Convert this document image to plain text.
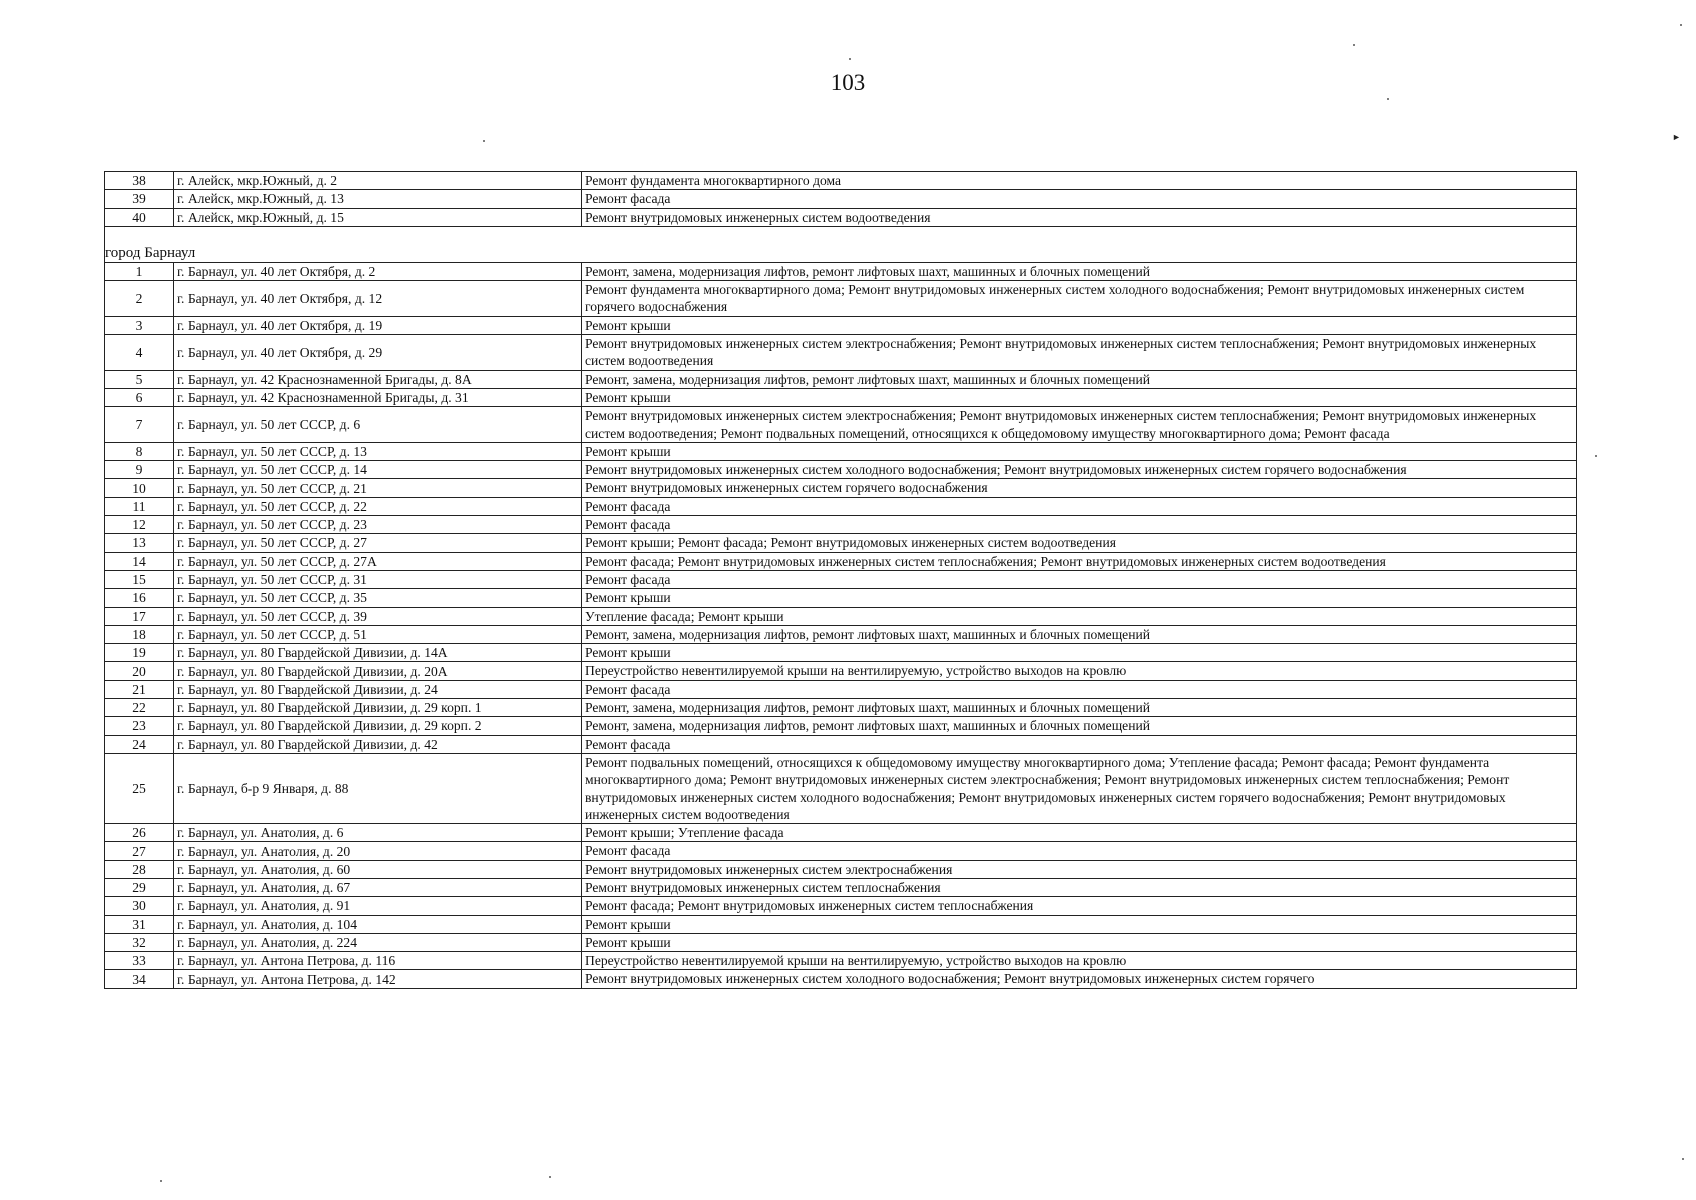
103
►
38	г. Алейск, мкр.Южный, д. 2	Ремонт фундамента многоквартирного дома
39	г. Алейск, мкр.Южный, д. 13	Ремонт фасада
40	г. Алейск, мкр.Южный, д. 15	Ремонт внутридомовых инженерных систем водоотведения

город Барнаул		
1	г. Барнаул, ул. 40 лет Октября, д. 2	Ремонт, замена, модернизация лифтов, ремонт лифтовых шахт, машинных и блочных помещений
2	г. Барнаул, ул. 40 лет Октября, д. 12	Ремонт фундамента многоквартирного дома; Ремонт внутридомовых инженерных систем холодного водоснабжения; Ремонт внутридомовых инженерных систем горячего водоснабжения
3	г. Барнаул, ул. 40 лет Октября, д. 19	Ремонт крыши
4	г. Барнаул, ул. 40 лет Октября, д. 29	Ремонт внутридомовых инженерных систем электроснабжения; Ремонт внутридомовых инженерных систем теплоснабжения; Ремонт внутридомовых инженерных систем водоотведения
5	г. Барнаул, ул. 42 Краснознаменной Бригады, д. 8А	Ремонт, замена, модернизация лифтов, ремонт лифтовых шахт, машинных и блочных помещений
6	г. Барнаул, ул. 42 Краснознаменной Бригады, д. 31	Ремонт крыши
7	г. Барнаул, ул. 50 лет СССР, д. 6	Ремонт внутридомовых инженерных систем электроснабжения; Ремонт внутридомовых инженерных систем теплоснабжения; Ремонт внутридомовых инженерных систем водоотведения; Ремонт подвальных помещений, относящихся к общедомовому имуществу многоквартирного дома; Ремонт фасада
8	г. Барнаул, ул. 50 лет СССР, д. 13	Ремонт крыши
9	г. Барнаул, ул. 50 лет СССР, д. 14	Ремонт внутридомовых инженерных систем холодного водоснабжения; Ремонт внутридомовых инженерных систем горячего водоснабжения
10	г. Барнаул, ул. 50 лет СССР, д. 21	Ремонт внутридомовых инженерных систем горячего водоснабжения
11	г. Барнаул, ул. 50 лет СССР, д. 22	Ремонт фасада
12	г. Барнаул, ул. 50 лет СССР, д. 23	Ремонт фасада
13	г. Барнаул, ул. 50 лет СССР, д. 27	Ремонт крыши; Ремонт фасада; Ремонт внутридомовых инженерных систем водоотведения
14	г. Барнаул, ул. 50 лет СССР, д. 27А	Ремонт фасада; Ремонт внутридомовых инженерных систем теплоснабжения; Ремонт внутридомовых инженерных систем водоотведения
15	г. Барнаул, ул. 50 лет СССР, д. 31	Ремонт фасада
16	г. Барнаул, ул. 50 лет СССР, д. 35	Ремонт крыши
17	г. Барнаул, ул. 50 лет СССР, д. 39	Утепление фасада; Ремонт крыши
18	г. Барнаул, ул. 50 лет СССР, д. 51	Ремонт, замена, модернизация лифтов, ремонт лифтовых шахт, машинных и блочных помещений
19	г. Барнаул, ул. 80 Гвардейской Дивизии, д. 14А	Ремонт крыши
20	г. Барнаул, ул. 80 Гвардейской Дивизии, д. 20А	Переустройство невентилируемой крыши на вентилируемую, устройство выходов на кровлю
21	г. Барнаул, ул. 80 Гвардейской Дивизии, д. 24	Ремонт фасада
22	г. Барнаул, ул. 80 Гвардейской Дивизии, д. 29 корп. 1	Ремонт, замена, модернизация лифтов, ремонт лифтовых шахт, машинных и блочных помещений
23	г. Барнаул, ул. 80 Гвардейской Дивизии, д. 29 корп. 2	Ремонт, замена, модернизация лифтов, ремонт лифтовых шахт, машинных и блочных помещений
24	г. Барнаул, ул. 80 Гвардейской Дивизии, д. 42	Ремонт фасада
25	г. Барнаул, б-р 9 Января, д. 88	Ремонт подвальных помещений, относящихся к общедомовому имуществу многоквартирного дома; Утепление фасада; Ремонт фасада; Ремонт фундамента многоквартирного дома; Ремонт внутридомовых инженерных систем электроснабжения; Ремонт внутридомовых инженерных систем теплоснабжения; Ремонт внутридомовых инженерных систем холодного водоснабжения; Ремонт внутридомовых инженерных систем горячего водоснабжения; Ремонт внутридомовых инженерных систем водоотведения
26	г. Барнаул, ул. Анатолия, д. 6	Ремонт крыши; Утепление фасада
27	г. Барнаул, ул. Анатолия, д. 20	Ремонт фасада
28	г. Барнаул, ул. Анатолия, д. 60	Ремонт внутридомовых инженерных систем электроснабжения
29	г. Барнаул, ул. Анатолия, д. 67	Ремонт внутридомовых инженерных систем теплоснабжения
30	г. Барнаул, ул. Анатолия, д. 91	Ремонт фасада; Ремонт внутридомовых инженерных систем теплоснабжения
31	г. Барнаул, ул. Анатолия, д. 104	Ремонт крыши
32	г. Барнаул, ул. Анатолия, д. 224	Ремонт крыши
33	г. Барнаул, ул. Антона Петрова, д. 116	Переустройство невентилируемой крыши на вентилируемую, устройство выходов на кровлю
34	г. Барнаул, ул. Антона Петрова, д. 142	Ремонт внутридомовых инженерных систем холодного водоснабжения; Ремонт внутридомовых инженерных систем горячего
